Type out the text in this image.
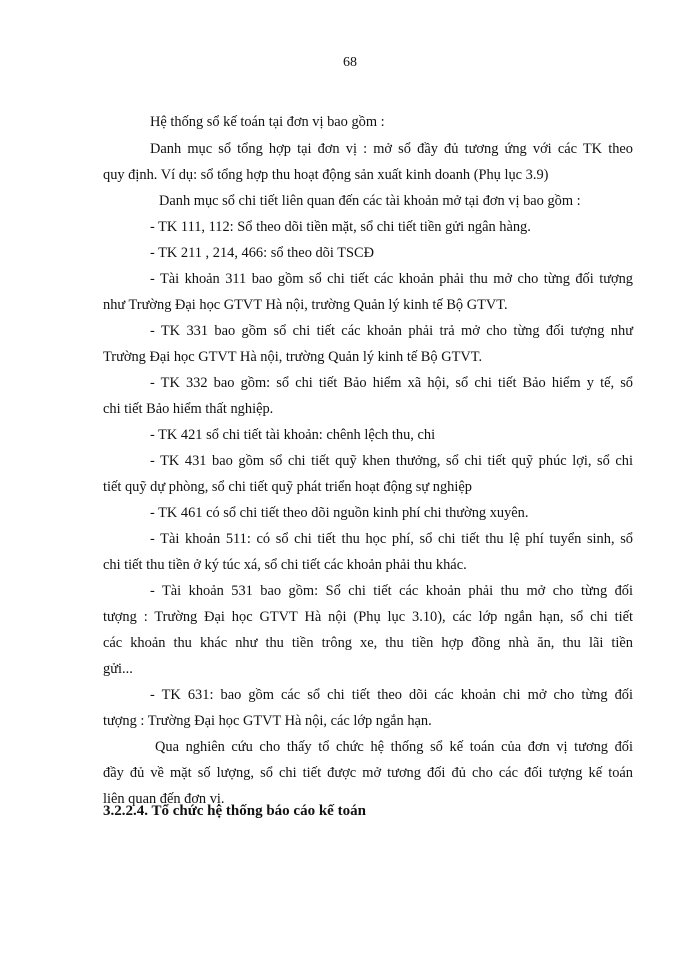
68
Hệ thống sổ kế toán tại đơn vị bao gồm :
Danh mục sổ tổng hợp tại đơn vị : mở sổ đầy đủ tương ứng với các TK theo
quy định. Ví dụ: sổ tổng hợp thu hoạt động sản xuất kinh doanh (Phụ lục 3.9)
Danh mục sổ chi tiết liên quan đến các tài khoản mở tại đơn vị bao gồm :
- TK 111, 112: Sổ theo dõi tiền mặt, sổ chi tiết tiền gửi ngân hàng.
- TK 211 , 214, 466: sổ theo dõi TSCĐ
- Tài khoản 311 bao gồm sổ chi tiết các khoản phải thu mở cho từng đối tượng
như Trường Đại học GTVT Hà nội, trường Quản lý kinh tế Bộ GTVT.
- TK 331 bao gồm sổ chi tiết các khoản phải trả mở cho từng đối tượng như
Trường Đại học GTVT Hà nội, trường Quản lý kinh tế Bộ GTVT.
- TK 332 bao gồm: sổ chi tiết Bảo hiểm xã hội, sổ chi tiết Bảo hiểm y tế, sổ
chi tiết Bảo hiểm thất nghiệp.
- TK 421 sổ chi tiết tài khoản: chênh lệch thu, chi
- TK 431 bao gồm sổ chi tiết quỹ khen thưởng, sổ chi tiết quỹ phúc lợi, sổ chi
tiết quỹ dự phòng, sổ chi tiết quỹ phát triển hoạt động sự nghiệp
- TK 461 có sổ chi tiết theo dõi nguồn kinh phí chi thường xuyên.
- Tài khoản 511: có sổ chi tiết thu học phí, sổ chi tiết thu lệ phí tuyển sinh, sổ
chi tiết thu tiền ở ký túc xá, sổ chi tiết các khoản phải thu khác.
- Tài khoản 531 bao gồm: Sổ chi tiết các khoản phải thu mở cho từng đối
tượng : Trường Đại học GTVT Hà nội (Phụ lục 3.10), các lớp ngắn hạn, sổ chi tiết
các khoản thu khác như thu tiền trông xe, thu tiền hợp đồng nhà ăn, thu lãi tiền
gửi...
- TK 631: bao gồm các sổ chi tiết theo dõi các khoản chi mở cho từng đối
tượng : Trường Đại học GTVT Hà nội, các lớp ngắn hạn.
Qua nghiên cứu cho thấy tổ chức hệ thống sổ kế toán của đơn vị tương đối
đầy đủ về mặt số lượng, sổ chi tiết được mở tương đối đủ cho các đối tượng kế toán
liên quan đến đơn vị.
3.2.2.4. Tổ chức hệ thống báo cáo kế toán
